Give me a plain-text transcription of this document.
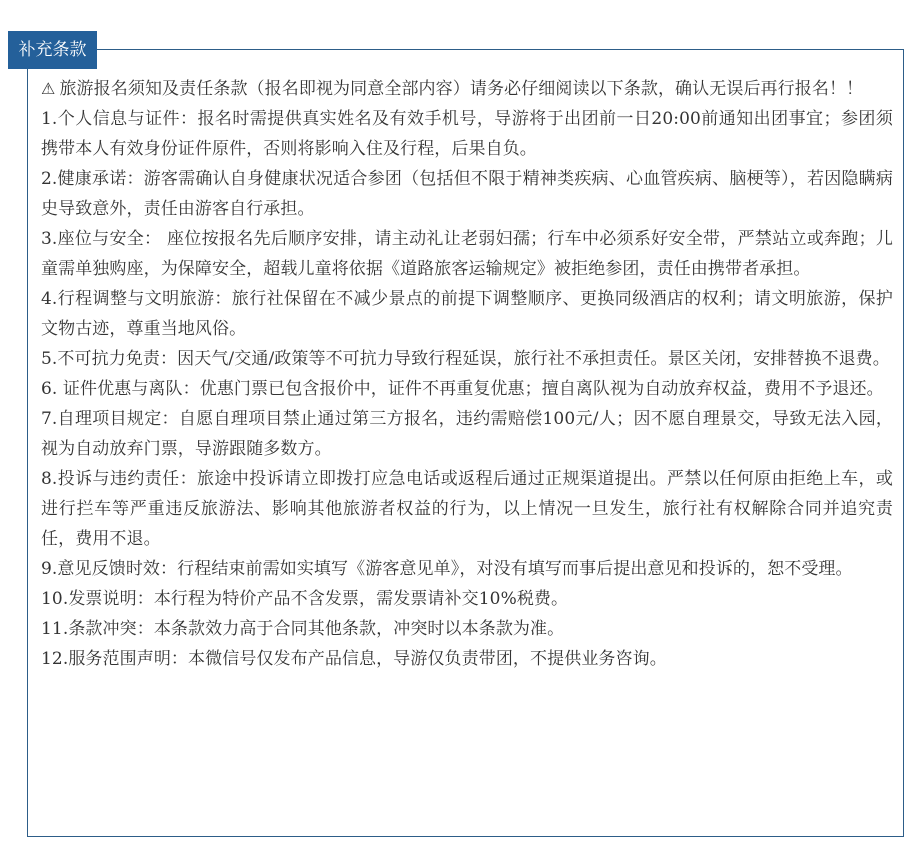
补充条款

⚠ 旅游报名须知及责任条款（报名即视为同意全部内容）请务必仔细阅读以下条款，确认无误后再行报名！！

1.个人信息与证件：报名时需提供真实姓名及有效手机号，导游将于出团前一日20:00前通知出团事宜；参团须携带本人有效身份证件原件，否则将影响入住及行程，后果自负。

2.健康承诺：游客需确认自身健康状况适合参团（包括但不限于精神类疾病、心血管疾病、脑梗等），若因隐瞒病史导致意外，责任由游客自行承担。

3.座位与安全： 座位按报名先后顺序安排，请主动礼让老弱妇孺；行车中必须系好安全带，严禁站立或奔跑；儿童需单独购座，为保障安全，超载儿童将依据《道路旅客运输规定》被拒绝参团，责任由携带者承担。

4.行程调整与文明旅游：旅行社保留在不减少景点的前提下调整顺序、更换同级酒店的权利；请文明旅游，保护文物古迹，尊重当地风俗。

5.不可抗力免责：因天气/交通/政策等不可抗力导致行程延误，旅行社不承担责任。景区关闭，安排替换不退费。

6. 证件优惠与离队：优惠门票已包含报价中，证件不再重复优惠；擅自离队视为自动放弃权益，费用不予退还。

7.自理项目规定：自愿自理项目禁止通过第三方报名，违约需赔偿100元/人；因不愿自理景交，导致无法入园，视为自动放弃门票，导游跟随多数方。

8.投诉与违约责任：旅途中投诉请立即拨打应急电话或返程后通过正规渠道提出。严禁以任何原由拒绝上车，或进行拦车等严重违反旅游法、影响其他旅游者权益的行为，以上情况一旦发生，旅行社有权解除合同并追究责任，费用不退。

9.意见反馈时效：行程结束前需如实填写《游客意见单》，对没有填写而事后提出意见和投诉的，恕不受理。

10.发票说明：本行程为特价产品不含发票，需发票请补交10%税费。

11.条款冲突：本条款效力高于合同其他条款，冲突时以本条款为准。

12.服务范围声明：本微信号仅发布产品信息，导游仅负责带团，不提供业务咨询。
